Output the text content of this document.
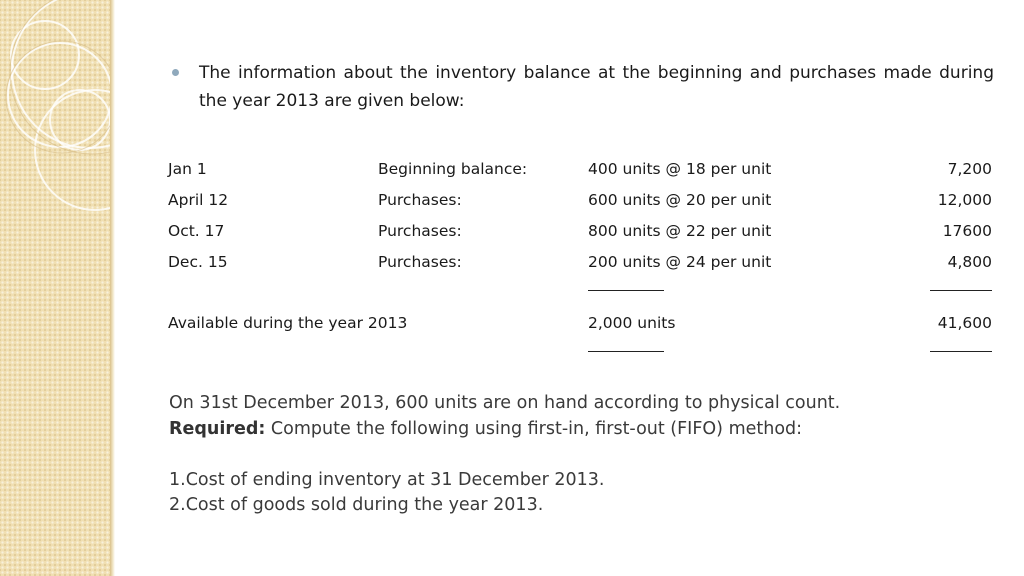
The information about the inventory balance at the beginning and purchases made during the year 2013 are given below:
Jan 1	Beginning balance:	400 units @ 18 per unit	7,200
April 12	Purchases:	600 units @ 20 per unit	12,000
Oct. 17	Purchases:	800 units @ 22 per unit	17600
Dec. 15	Purchases:	200 units @ 24 per unit	4,800
Available during the year 2013	2,000 units	41,600

On 31st December 2013, 600 units are on hand according to physical count.

Required: Compute the following using first-in, first-out (FIFO) method:

1.Cost of ending inventory at 31 December 2013.

2.Cost of goods sold during the year 2013.
